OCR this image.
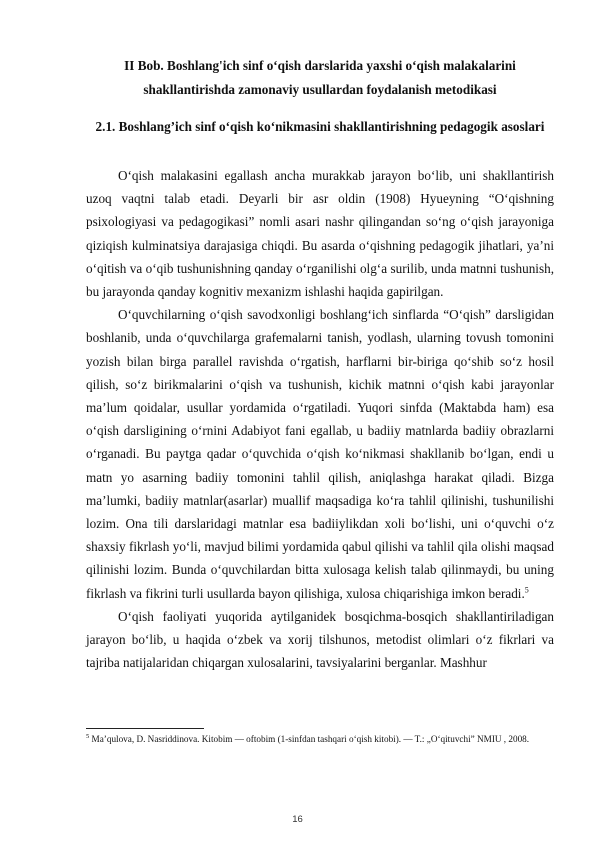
II Bob. Boshlang'ich sinf o‘qish darslarida yaxshi o‘qish malakalarini
shakllantirishda zamonaviy usullardan foydalanish metodikasi
2.1. Boshlang’ich sinf o‘qish ko‘nikmasini shakllantirishning pedagogik asoslari

O‘qish malakasini egallash ancha murakkab jarayon bo‘lib, uni shakllantirish uzoq vaqtni talab etadi. Deyarli bir asr oldin (1908) Hyueyning “O‘qishning psixologiyasi va pedagogikasi” nomli asari nashr qilingandan so‘ng o‘qish jarayoniga qiziqish kulminatsiya darajasiga chiqdi. Bu asarda o‘qishning pedagogik jihatlari, ya’ni o‘qitish va o‘qib tushunishning qanday o‘rganilishi olg‘a surilib, unda matnni tushunish, bu jarayonda qanday kognitiv mexanizm ishlashi haqida gapirilgan.

O‘quvchilarning o‘qish savodxonligi boshlang‘ich sinflarda “O‘qish” darsligidan boshlanib, unda o‘quvchilarga grafemalarni tanish, yodlash, ularning tovush tomonini yozish bilan birga parallel ravishda o‘rgatish, harflarni bir-biriga qo‘shib so‘z hosil qilish, so‘z birikmalarini o‘qish va tushunish, kichik matnni o‘qish kabi jarayonlar ma’lum qoidalar, usullar yordamida o‘rgatiladi. Yuqori sinfda (Maktabda ham) esa o‘qish darsligining o‘rnini Adabiyot fani egallab, u badiiy matnlarda badiiy obrazlarni o‘rganadi. Bu paytga qadar o‘quvchida o‘qish ko‘nikmasi shakllanib bo‘lgan, endi u matn yo asarning badiiy tomonini tahlil qilish, aniqlashga harakat qiladi. Bizga ma’lumki, badiiy matnlar(asarlar) muallif maqsadiga ko‘ra tahlil qilinishi, tushunilishi lozim. Ona tili darslaridagi matnlar esa badiiylikdan xoli bo‘lishi, uni o‘quvchi o‘z shaxsiy fikrlash yo‘li, mavjud bilimi yordamida qabul qilishi va tahlil qila olishi maqsad qilinishi lozim. Bunda o‘quvchilardan bitta xulosaga kelish talab qilinmaydi, bu uning fikrlash va fikrini turli usullarda bayon qilishiga, xulosa chiqarishiga imkon beradi.$^5$

O‘qish faoliyati yuqorida aytilganidek bosqichma-bosqich shakllantiriladigan jarayon bo‘lib, u haqida o‘zbek va xorij tilshunos, metodist olimlari o‘z fikrlari va tajriba natijalaridan chiqargan xulosalarini, tavsiyalarini berganlar. Mashhur

$^5$ Ma’qulova, D. Nasriddinova. Kitobim — oftobim (1-sinfdan tashqari o‘qish kitobi). — T.: „O‘qituvchi” NMIU , 2008.
16
